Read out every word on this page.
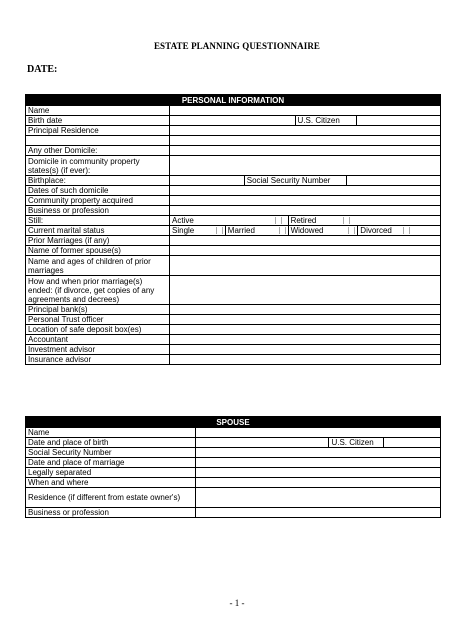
ESTATE PLANNING QUESTIONNAIRE
DATE:
PERSONAL INFORMATION	
Name	
Birth date	U.S. Citizen

Principal Residence	

Any other Domicile:	
Domicile in community property states(s) (if ever):	
Birthplace:	Social Security Number

Dates of such domicile	
Community property acquired	
Business or profession	
Still:	Active Retired

Current marital status	Single Married Widowed Divorced

Prior Marriages (if any)	
Name of former spouse(s)	
Name and ages of children of prior marriages	
How and when prior marriage(s) ended: (if divorce, get copies of any agreements and decrees)	
Principal bank(s)	
Personal Trust officer	
Location of safe deposit box(es)	
Accountant	
Investment advisor	
Insurance advisor	
SPOUSE	
Name	
Date and place of birth	U.S. Citizen

Social Security Number	
Date and place of marriage	
Legally separated	
When and where	
Residence (if different from estate owner's)	
Business or profession	
- 1 -
